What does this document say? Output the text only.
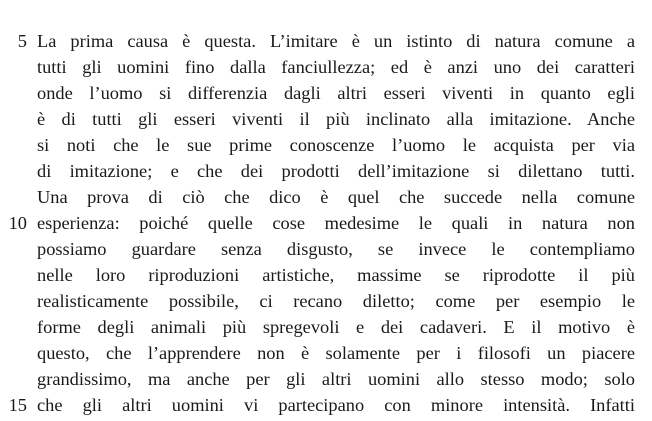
5 La prima causa è questa. L’imitare è un istinto di natura comune a
tutti gli uomini fino dalla fanciullezza; ed è anzi uno dei caratteri
onde l’uomo si differenzia dagli altri esseri viventi in quanto egli
è di tutti gli esseri viventi il più inclinato alla imitazione. Anche
si noti che le sue prime conoscenze l’uomo le acquista per via
di imitazione; e che dei prodotti dell’imitazione si dilettano tutti.
Una prova di ciò che dico è quel che succede nella comune
10 esperienza: poiché quelle cose medesime le quali in natura non
possiamo guardare senza disgusto, se invece le contempliamo
nelle loro riproduzioni artistiche, massime se riprodotte il più
realisticamente possibile, ci recano diletto; come per esempio le
forme degli animali più spregevoli e dei cadaveri. E il motivo è
questo, che l’apprendere non è solamente per i filosofi un piacere
grandissimo, ma anche per gli altri uomini allo stesso modo; solo
15 che gli altri uomini vi partecipano con minore intensità. Infatti
